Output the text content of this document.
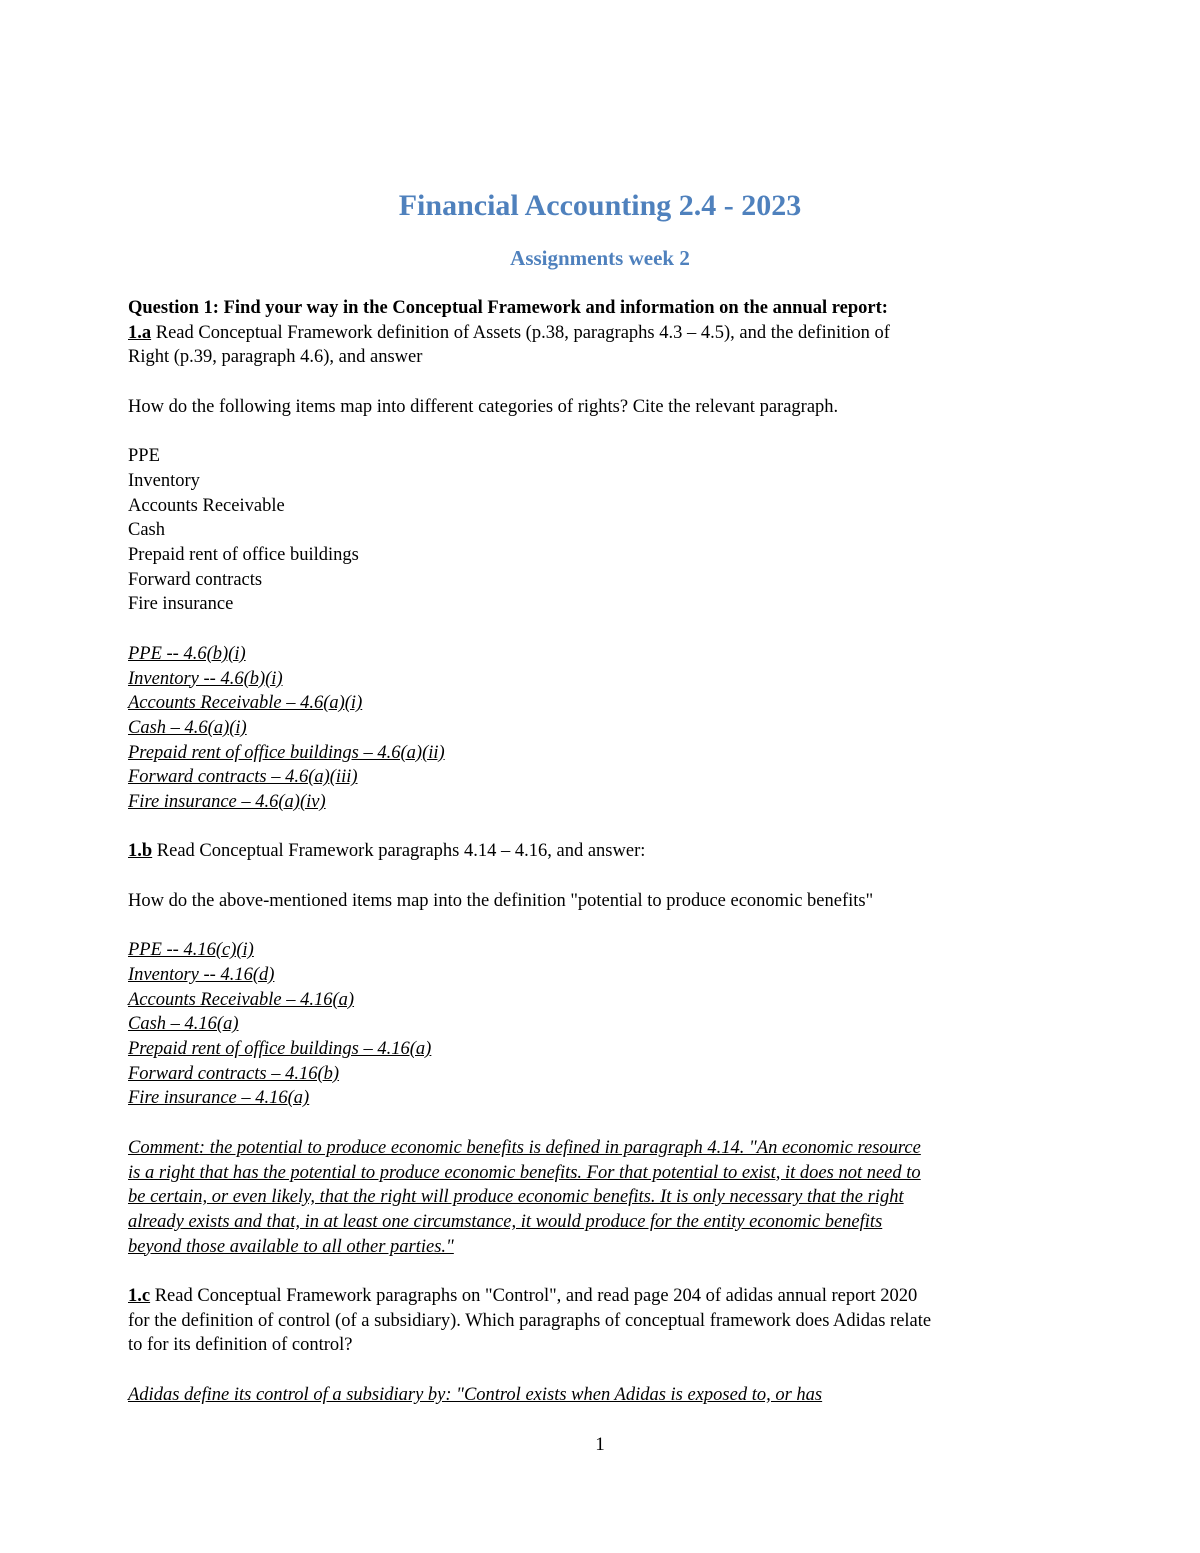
Financial Accounting 2.4 - 2023
Assignments week 2
Question 1: Find your way in the Conceptual Framework and information on the annual report:
1.a Read Conceptual Framework definition of Assets (p.38, paragraphs 4.3 – 4.5), and the definition of
Right (p.39, paragraph 4.6), and answer
How do the following items map into different categories of rights? Cite the relevant paragraph.
PPE
Inventory
Accounts Receivable
Cash
Prepaid rent of office buildings
Forward contracts
Fire insurance
PPE -- 4.6(b)(i)
Inventory -- 4.6(b)(i)
Accounts Receivable – 4.6(a)(i)
Cash – 4.6(a)(i)
Prepaid rent of office buildings – 4.6(a)(ii)
Forward contracts – 4.6(a)(iii)
Fire insurance – 4.6(a)(iv)
1.b Read Conceptual Framework paragraphs 4.14 – 4.16, and answer:
How do the above-mentioned items map into the definition "potential to produce economic benefits"
PPE -- 4.16(c)(i)
Inventory -- 4.16(d)
Accounts Receivable – 4.16(a)
Cash – 4.16(a)
Prepaid rent of office buildings – 4.16(a)
Forward contracts – 4.16(b)
Fire insurance – 4.16(a)
Comment: the potential to produce economic benefits is defined in paragraph 4.14. "An economic resource
is a right that has the potential to produce economic benefits. For that potential to exist, it does not need to
be certain, or even likely, that the right will produce economic benefits. It is only necessary that the right
already exists and that, in at least one circumstance, it would produce for the entity economic benefits
beyond those available to all other parties."
1.c Read Conceptual Framework paragraphs on "Control", and read page 204 of adidas annual report 2020
for the definition of control (of a subsidiary). Which paragraphs of conceptual framework does Adidas relate
to for its definition of control?
Adidas define its control of a subsidiary by: "Control exists when Adidas is exposed to, or has
1
